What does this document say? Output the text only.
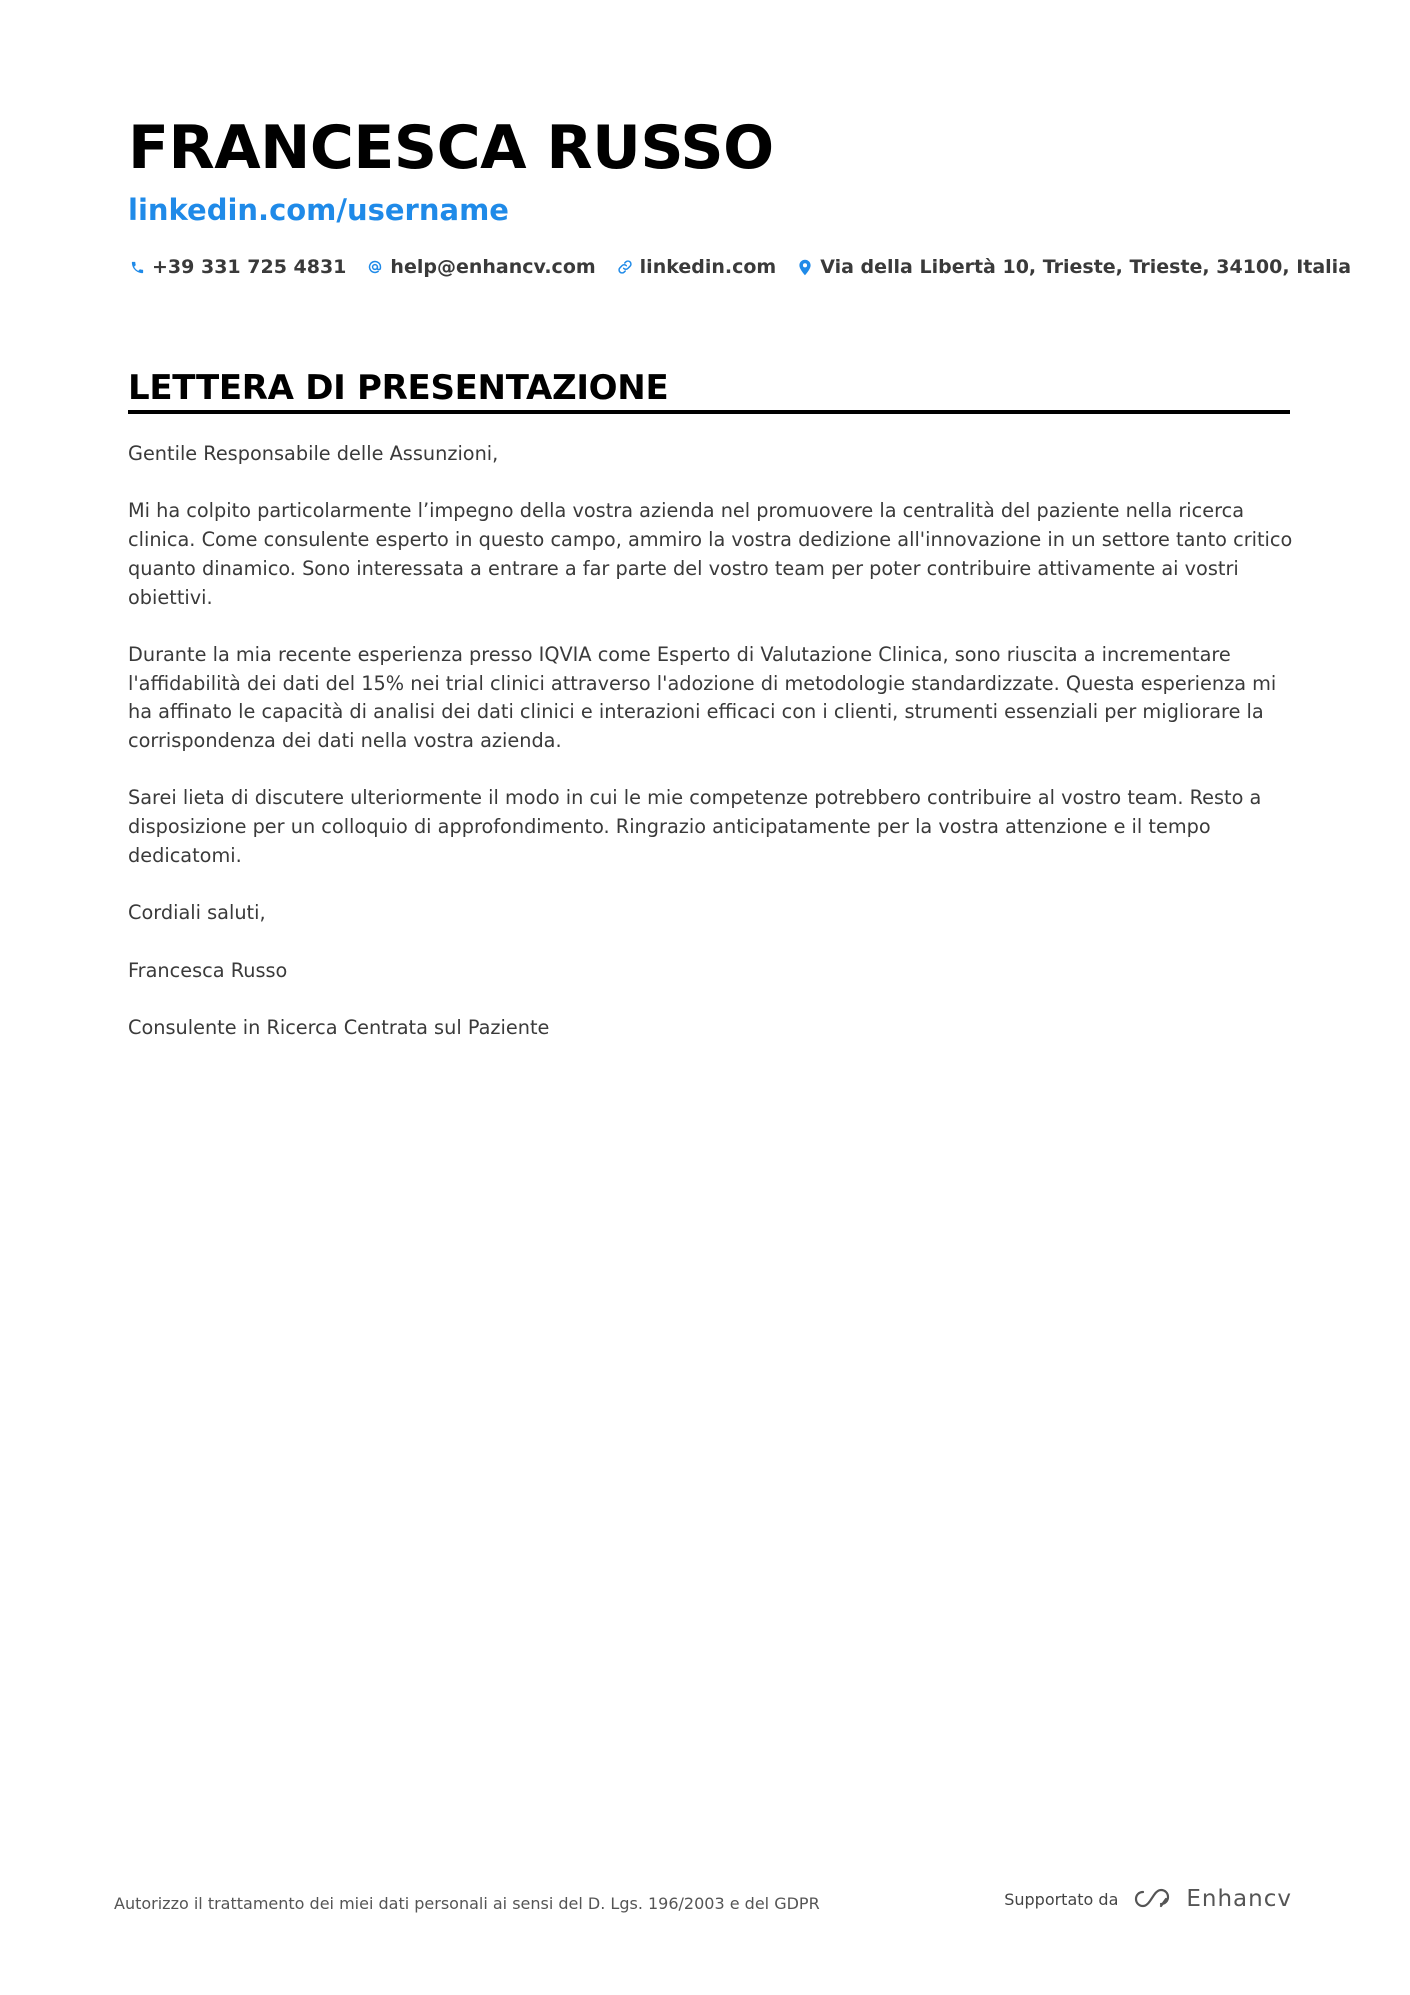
FRANCESCA RUSSO
linkedin.com/username
+39 331 725 4831 help@enhancv.com linkedin.com Via della Libertà 10, Trieste, Trieste, 34100, Italia
LETTERA DI PRESENTAZIONE

Gentile Responsabile delle Assunzioni,

Mi ha colpito particolarmente l’impegno della vostra azienda nel promuovere la centralità del paziente nella ricerca clinica. Come consulente esperto in questo campo, ammiro la vostra dedizione all'innovazione in un settore tanto critico quanto dinamico. Sono interessata a entrare a far parte del vostro team per poter contribuire attivamente ai vostri obiettivi.

Durante la mia recente esperienza presso IQVIA come Esperto di Valutazione Clinica, sono riuscita a incrementare l'affidabilità dei dati del 15% nei trial clinici attraverso l'adozione di metodologie standardizzate. Questa esperienza mi ha affinato le capacità di analisi dei dati clinici e interazioni efficaci con i clienti, strumenti essenziali per migliorare la corrispondenza dei dati nella vostra azienda.

Sarei lieta di discutere ulteriormente il modo in cui le mie competenze potrebbero contribuire al vostro team. Resto a disposizione per un colloquio di approfondimento. Ringrazio anticipatamente per la vostra attenzione e il tempo dedicatomi.

Cordiali saluti,

Francesca Russo

Consulente in Ricerca Centrata sul Paziente

Autorizzo il trattamento dei miei dati personali ai sensi del D. Lgs. 196/2003 e del GDPR	Supportato da	Enhancv
